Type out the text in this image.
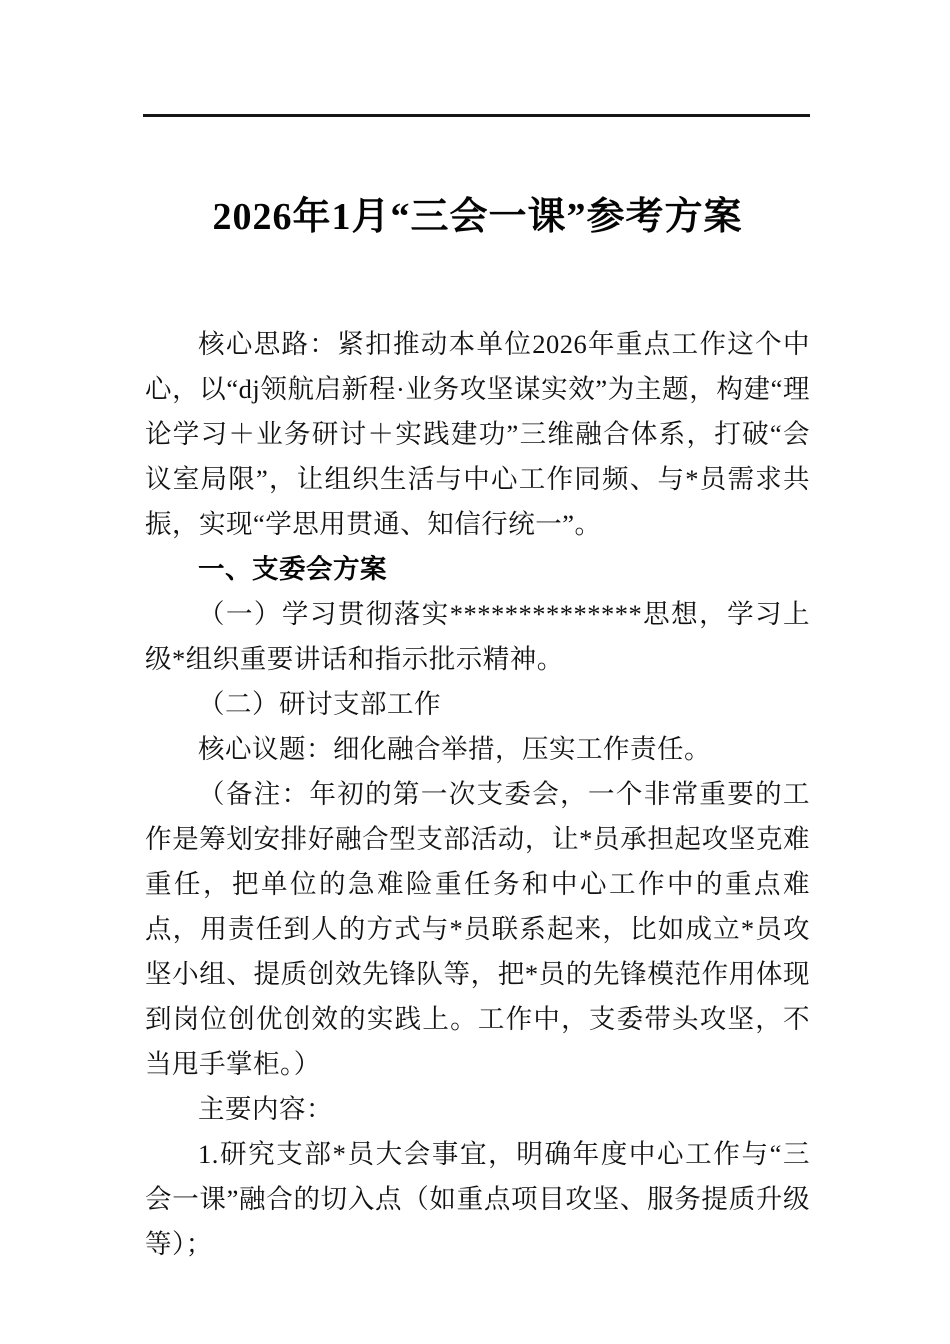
2026年1月“三会一课”参考方案

核心思路：紧扣推动本单位2026年重点工作这个中心，以“dj领航启新程·业务攻坚谋实效”为主题，构建“理论学习＋业务研讨＋实践建功”三维融合体系，打破“会议室局限”，让组织生活与中心工作同频、与*员需求共振，实现“学思用贯通、知信行统一”。

一、支委会方案

（一）学习贯彻落实**************思想，学习上级*组织重要讲话和指示批示精神。

（二）研讨支部工作

核心议题：细化融合举措，压实工作责任。

（备注：年初的第一次支委会，一个非常重要的工作是筹划安排好融合型支部活动，让*员承担起攻坚克难重任，把单位的急难险重任务和中心工作中的重点难点，用责任到人的方式与*员联系起来，比如成立*员攻坚小组、提质创效先锋队等，把*员的先锋模范作用体现到岗位创优创效的实践上。工作中，支委带头攻坚，不当甩手掌柜。）

主要内容：

1.研究支部*员大会事宜，明确年度中心工作与“三会一课”融合的切入点（如重点项目攻坚、服务提质升级等）；
